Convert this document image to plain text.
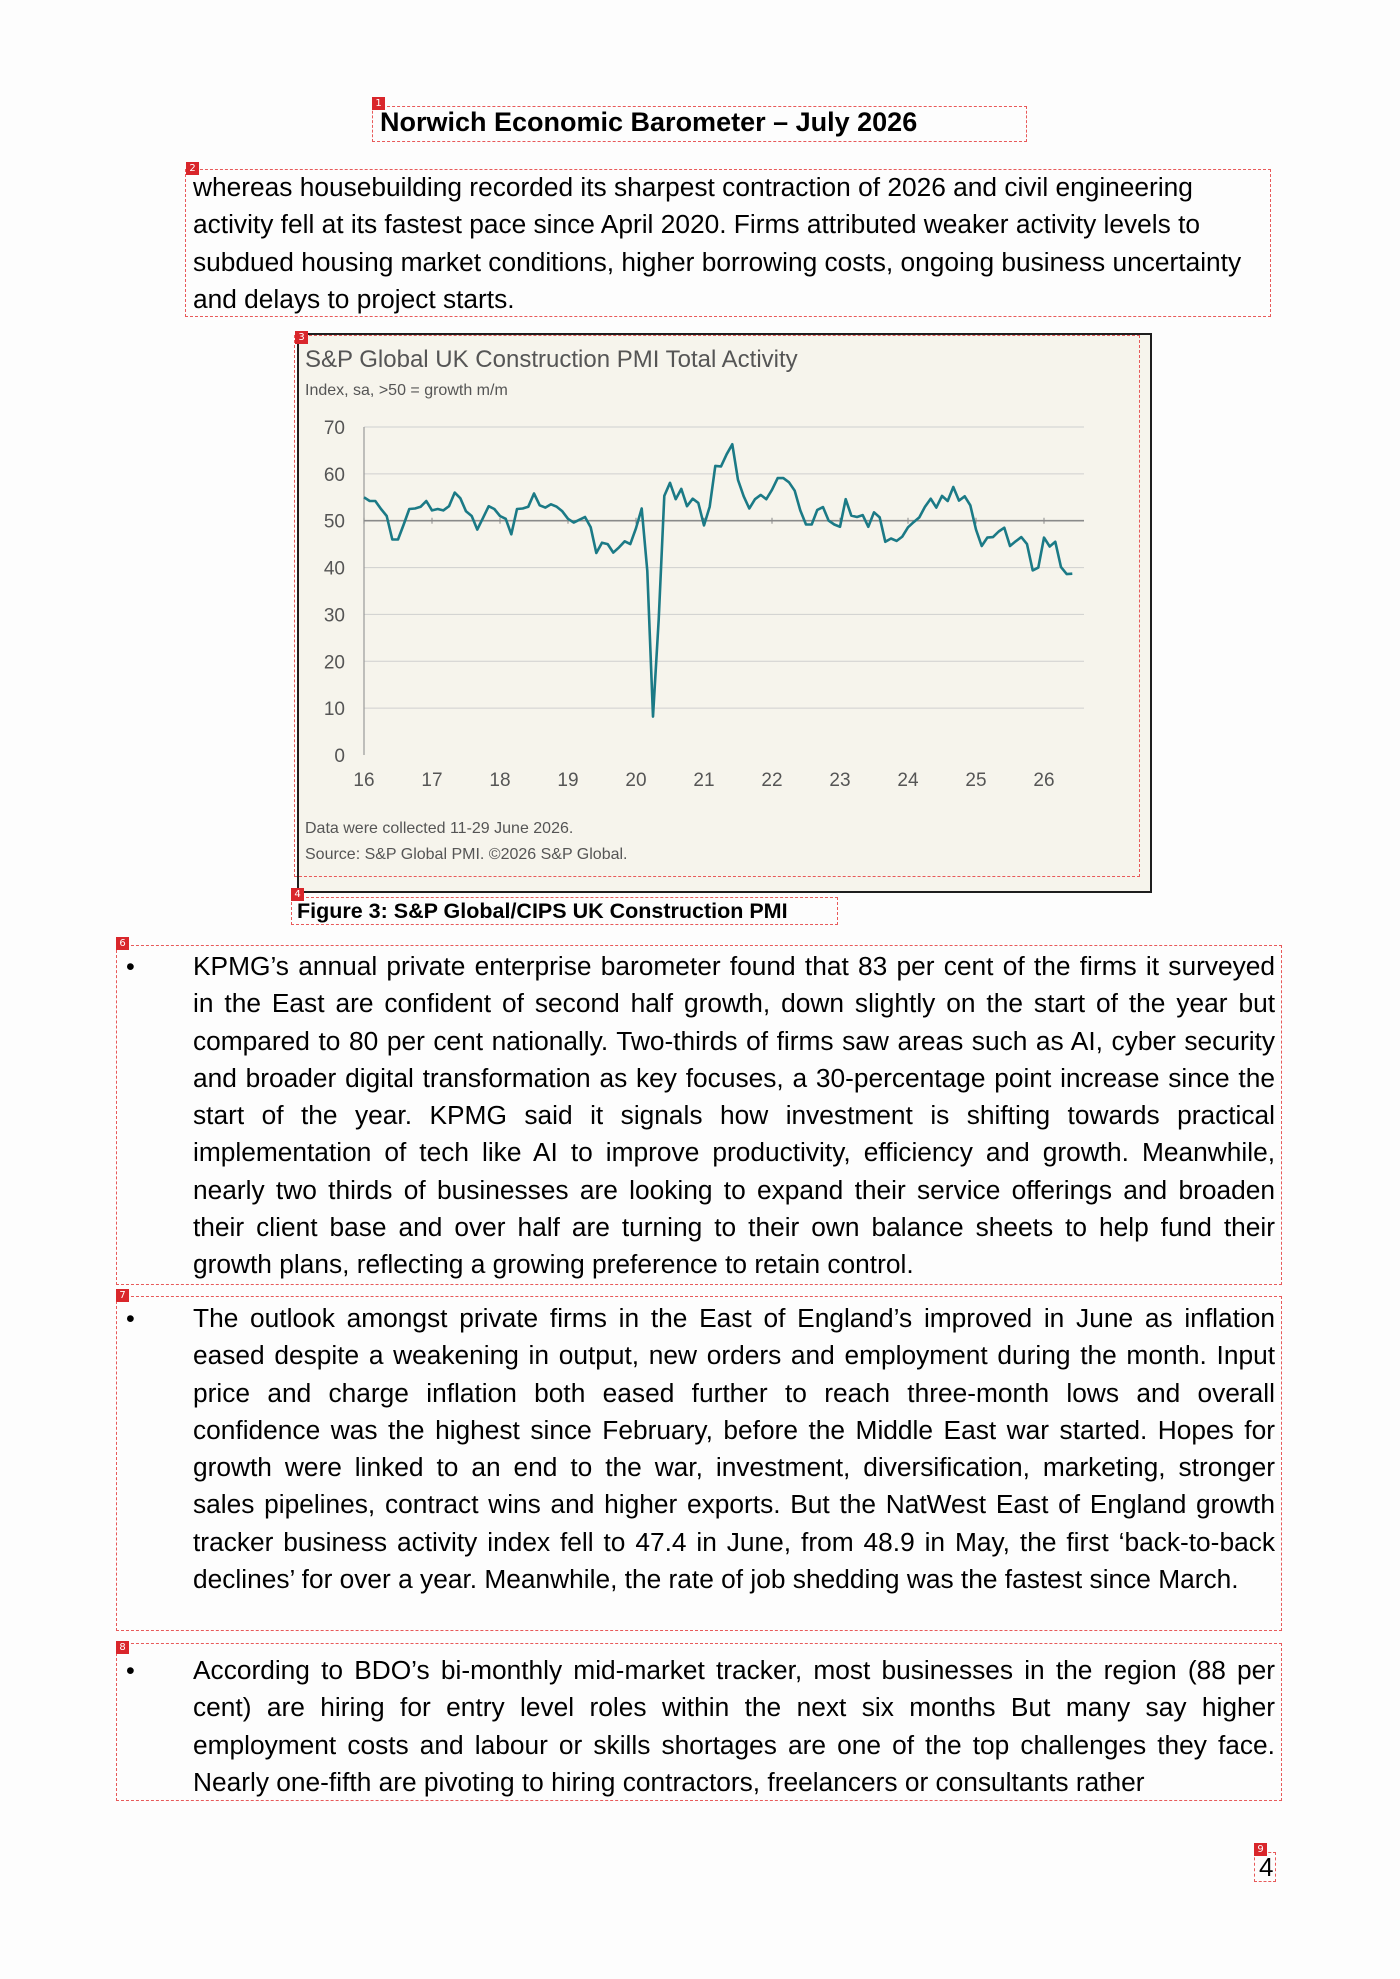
1
Norwich Economic Barometer – July 2026
2
whereas housebuilding recorded its sharpest contraction of 2026 and civil engineering activity fell at its fastest pace since April 2020. Firms attributed weaker activity levels to subdued housing market conditions, higher borrowing costs, ongoing business uncertainty and delays to project starts.
S&P Global UK Construction PMI Total Activity
Index, sa, >50 = growth m/m
0
10
20
30
40
50
60
70
16 17 18 19 20 21 22 23 24 25 26
Data were collected 11-29 June 2026.
Source: S&P Global PMI. ©2026 S&P Global.
3
4
Figure 3: S&P Global/CIPS UK Construction PMI
6
• KPMG’s annual private enterprise barometer found that 83 per cent of the firms it surveyed in the East are confident of second half growth, down slightly on the start of the year but compared to 80 per cent nationally. Two-thirds of firms saw areas such as AI, cyber security and broader digital transformation as key focuses, a 30-percentage point increase since the start of the year. KPMG said it signals how investment is shifting towards practical implementation of tech like AI to improve productivity, efficiency and growth. Meanwhile, nearly two thirds of businesses are looking to expand their service offerings and broaden their client base and over half are turning to their own balance sheets to help fund their growth plans, reflecting a growing preference to retain control.
7
• The outlook amongst private firms in the East of England’s improved in June as inflation eased despite a weakening in output, new orders and employment during the month. Input price and charge inflation both eased further to reach three-month lows and overall confidence was the highest since February, before the Middle East war started. Hopes for growth were linked to an end to the war, investment, diversification, marketing, stronger sales pipelines, contract wins and higher exports. But the NatWest East of England growth tracker business activity index fell to 47.4 in June, from 48.9 in May, the first ‘back-to-back declines’ for over a year. Meanwhile, the rate of job shedding was the fastest since March.
8
• According to BDO’s bi-monthly mid-market tracker, most businesses in the region (88 per cent) are hiring for entry level roles within the next six months But many say higher employment costs and labour or skills shortages are one of the top challenges they face. Nearly one-fifth are pivoting to hiring contractors, freelancers or consultants rather
9
4
